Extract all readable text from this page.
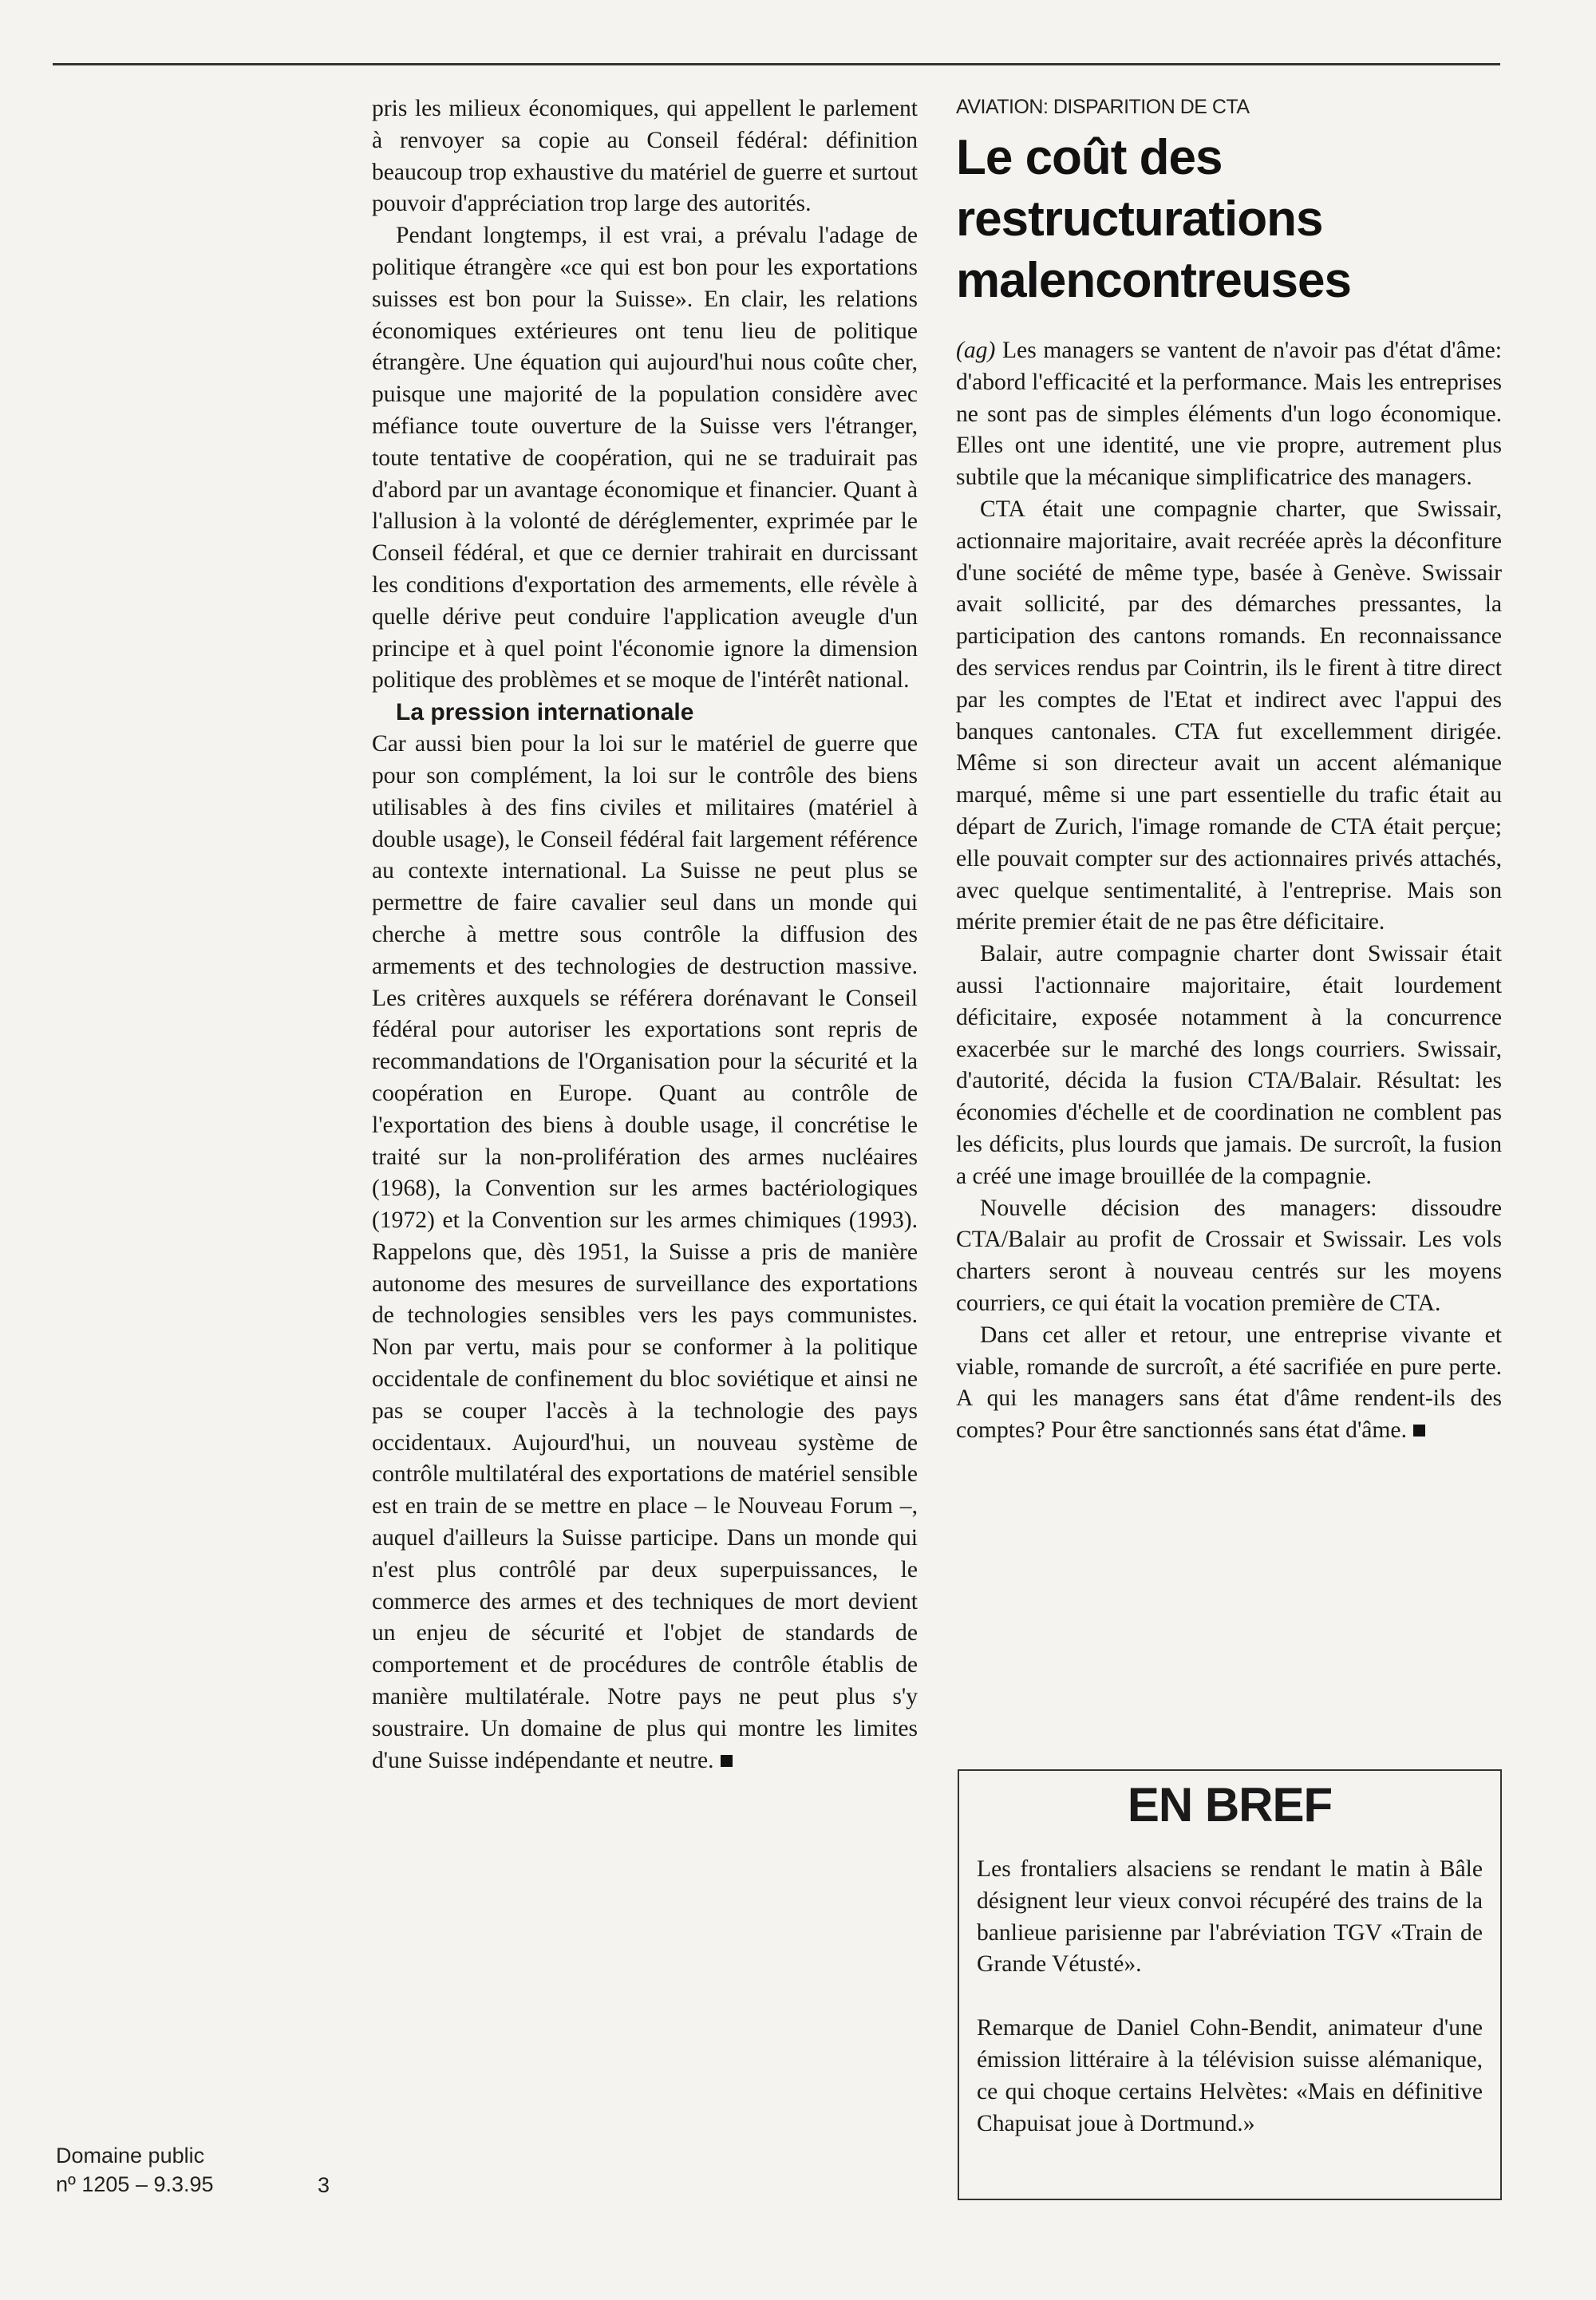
pris les milieux économiques, qui appellent le parlement à renvoyer sa copie au Conseil fédéral: définition beaucoup trop exhaustive du matériel de guerre et surtout pouvoir d'appréciation trop large des autorités.

Pendant longtemps, il est vrai, a prévalu l'adage de politique étrangère «ce qui est bon pour les exportations suisses est bon pour la Suisse». En clair, les relations économiques extérieures ont tenu lieu de politique étrangère. Une équation qui aujourd'hui nous coûte cher, puisque une majorité de la population considère avec méfiance toute ouverture de la Suisse vers l'étranger, toute tentative de coopération, qui ne se traduirait pas d'abord par un avantage économique et financier. Quant à l'allusion à la volonté de déréglementer, exprimée par le Conseil fédéral, et que ce dernier trahirait en durcissant les conditions d'exportation des armements, elle révèle à quelle dérive peut conduire l'application aveugle d'un principe et à quel point l'économie ignore la dimension politique des problèmes et se moque de l'intérêt national.

La pression internationale

Car aussi bien pour la loi sur le matériel de guerre que pour son complément, la loi sur le contrôle des biens utilisables à des fins civiles et militaires (matériel à double usage), le Conseil fédéral fait largement référence au contexte international. La Suisse ne peut plus se permettre de faire cavalier seul dans un monde qui cherche à mettre sous contrôle la diffusion des armements et des technologies de destruction massive. Les critères auxquels se référera dorénavant le Conseil fédéral pour autoriser les exportations sont repris de recommandations de l'Organisation pour la sécurité et la coopération en Europe. Quant au contrôle de l'exportation des biens à double usage, il concrétise le traité sur la non-prolifération des armes nucléaires (1968), la Convention sur les armes bactériologiques (1972) et la Convention sur les armes chimiques (1993). Rappelons que, dès 1951, la Suisse a pris de manière autonome des mesures de surveillance des exportations de technologies sensibles vers les pays communistes. Non par vertu, mais pour se conformer à la politique occidentale de confinement du bloc soviétique et ainsi ne pas se couper l'accès à la technologie des pays occidentaux. Aujourd'hui, un nouveau système de contrôle multilatéral des exportations de matériel sensible est en train de se mettre en place – le Nouveau Forum –, auquel d'ailleurs la Suisse participe. Dans un monde qui n'est plus contrôlé par deux superpuissances, le commerce des armes et des techniques de mort devient un enjeu de sécurité et l'objet de standards de comportement et de procédures de contrôle établis de manière multilatérale. Notre pays ne peut plus s'y soustraire. Un domaine de plus qui montre les limites d'une Suisse indépendante et neutre.

AVIATION: DISPARITION DE CTA
Le coût des restructurations malencontreuses

(ag) Les managers se vantent de n'avoir pas d'état d'âme: d'abord l'efficacité et la performance. Mais les entreprises ne sont pas de simples éléments d'un logo économique. Elles ont une identité, une vie propre, autrement plus subtile que la mécanique simplificatrice des managers.

CTA était une compagnie charter, que Swissair, actionnaire majoritaire, avait recréée après la déconfiture d'une société de même type, basée à Genève. Swissair avait sollicité, par des démarches pressantes, la participation des cantons romands. En reconnaissance des services rendus par Cointrin, ils le firent à titre direct par les comptes de l'Etat et indirect avec l'appui des banques cantonales. CTA fut excellemment dirigée. Même si son directeur avait un accent alémanique marqué, même si une part essentielle du trafic était au départ de Zurich, l'image romande de CTA était perçue; elle pouvait compter sur des actionnaires privés attachés, avec quelque sentimentalité, à l'entreprise. Mais son mérite premier était de ne pas être déficitaire.

Balair, autre compagnie charter dont Swissair était aussi l'actionnaire majoritaire, était lourdement déficitaire, exposée notamment à la concurrence exacerbée sur le marché des longs courriers. Swissair, d'autorité, décida la fusion CTA/Balair. Résultat: les économies d'échelle et de coordination ne comblent pas les déficits, plus lourds que jamais. De surcroît, la fusion a créé une image brouillée de la compagnie.

Nouvelle décision des managers: dissoudre CTA/Balair au profit de Crossair et Swissair. Les vols charters seront à nouveau centrés sur les moyens courriers, ce qui était la vocation première de CTA.

Dans cet aller et retour, une entreprise vivante et viable, romande de surcroît, a été sacrifiée en pure perte. A qui les managers sans état d'âme rendent-ils des comptes? Pour être sanctionnés sans état d'âme.

EN BREF

Les frontaliers alsaciens se rendant le matin à Bâle désignent leur vieux convoi récupéré des trains de la banlieue parisienne par l'abréviation TGV «Train de Grande Vétusté».

Remarque de Daniel Cohn-Bendit, animateur d'une émission littéraire à la télévision suisse alémanique, ce qui choque certains Helvètes: «Mais en définitive Chapuisat joue à Dortmund.»

Domaine public
nº 1205 – 9.3.95	3
